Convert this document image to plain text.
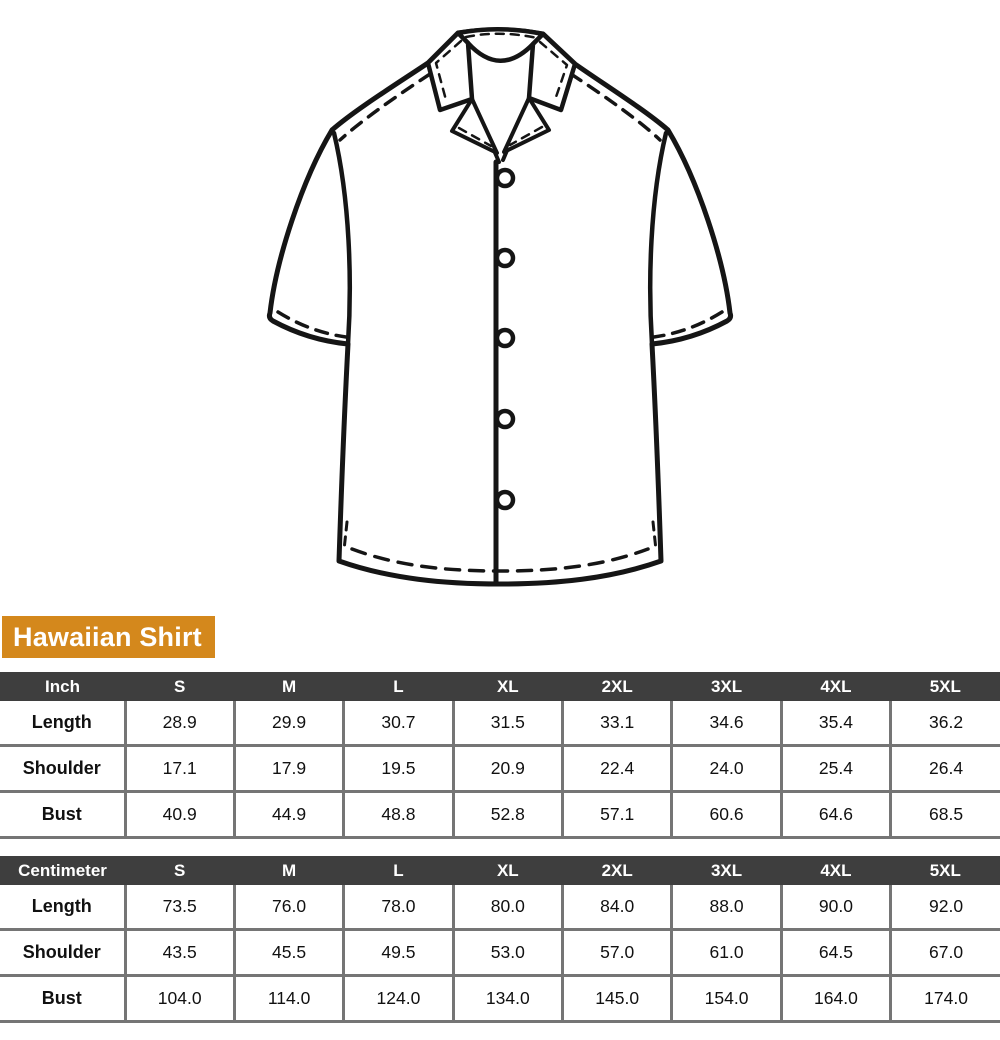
Hawaiian Shirt
Inch	S	M	L	XL	2XL	3XL	4XL	5XL
Length	28.9	29.9	30.7	31.5	33.1	34.6	35.4	36.2
Shoulder	17.1	17.9	19.5	20.9	22.4	24.0	25.4	26.4
Bust	40.9	44.9	48.8	52.8	57.1	60.6	64.6	68.5
Centimeter	S	M	L	XL	2XL	3XL	4XL	5XL
Length	73.5	76.0	78.0	80.0	84.0	88.0	90.0	92.0
Shoulder	43.5	45.5	49.5	53.0	57.0	61.0	64.5	67.0
Bust	104.0	114.0	124.0	134.0	145.0	154.0	164.0	174.0
